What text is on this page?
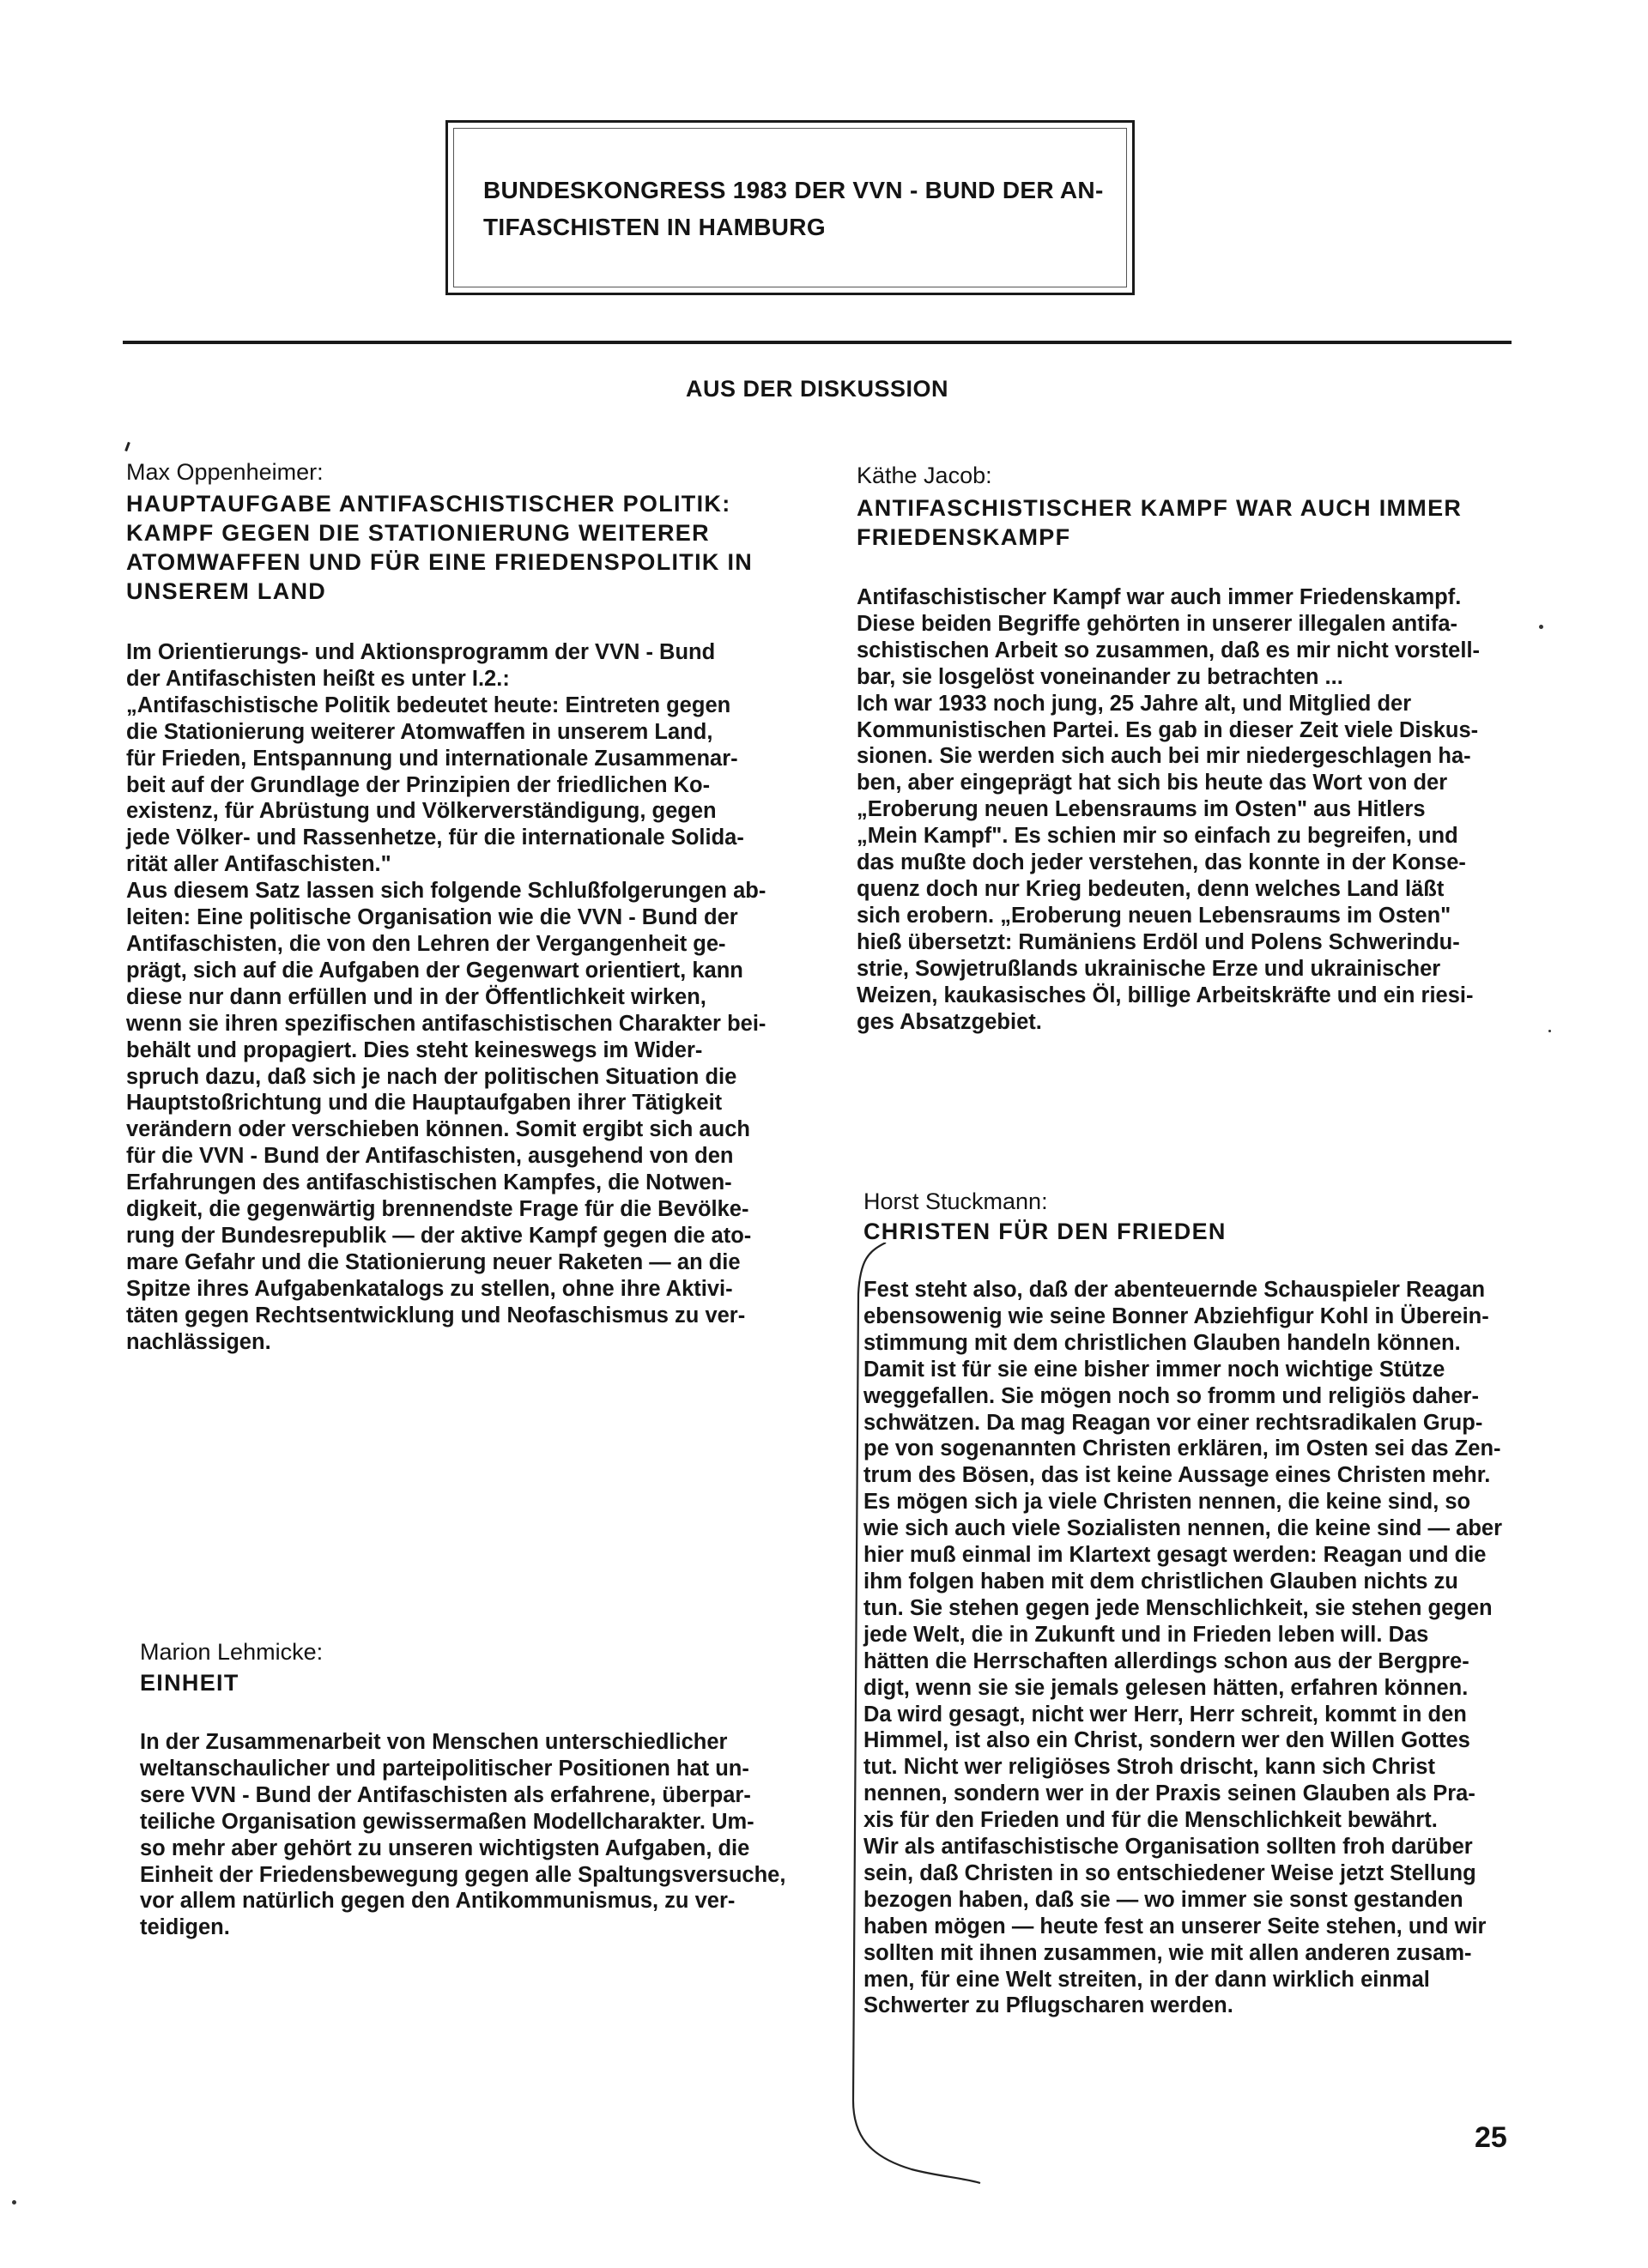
BUNDESKONGRESS 1983 DER VVN - BUND DER AN-
TIFASCHISTEN IN HAMBURG
AUS DER DISKUSSION
Max Oppenheimer:
HAUPTAUFGABE ANTIFASCHISTISCHER POLITIK:
KAMPF GEGEN DIE STATIONIERUNG WEITERER
ATOMWAFFEN UND FÜR EINE FRIEDENSPOLITIK IN
UNSEREM LAND
Im Orientierungs- und Aktionsprogramm der VVN - Bund
der Antifaschisten heißt es unter I.2.:
„Antifaschistische Politik bedeutet heute: Eintreten gegen
die Stationierung weiterer Atomwaffen in unserem Land,
für Frieden, Entspannung und internationale Zusammenar-
beit auf der Grundlage der Prinzipien der friedlichen Ko-
existenz, für Abrüstung und Völkerverständigung, gegen
jede Völker- und Rassenhetze, für die internationale Solida-
rität aller Antifaschisten."
Aus diesem Satz lassen sich folgende Schlußfolgerungen ab-
leiten: Eine politische Organisation wie die VVN - Bund der
Antifaschisten, die von den Lehren der Vergangenheit ge-
prägt, sich auf die Aufgaben der Gegenwart orientiert, kann
diese nur dann erfüllen und in der Öffentlichkeit wirken,
wenn sie ihren spezifischen antifaschistischen Charakter bei-
behält und propagiert. Dies steht keineswegs im Wider-
spruch dazu, daß sich je nach der politischen Situation die
Hauptstoßrichtung und die Hauptaufgaben ihrer Tätigkeit
verändern oder verschieben können. Somit ergibt sich auch
für die VVN - Bund der Antifaschisten, ausgehend von den
Erfahrungen des antifaschistischen Kampfes, die Notwen-
digkeit, die gegenwärtig brennendste Frage für die Bevölke-
rung der Bundesrepublik — der aktive Kampf gegen die ato-
mare Gefahr und die Stationierung neuer Raketen — an die
Spitze ihres Aufgabenkatalogs zu stellen, ohne ihre Aktivi-
täten gegen Rechtsentwicklung und Neofaschismus zu ver-
nachlässigen.
Marion Lehmicke:
EINHEIT
In der Zusammenarbeit von Menschen unterschiedlicher
weltanschaulicher und parteipolitischer Positionen hat un-
sere VVN - Bund der Antifaschisten als erfahrene, überpar-
teiliche Organisation gewissermaßen Modellcharakter. Um-
so mehr aber gehört zu unseren wichtigsten Aufgaben, die
Einheit der Friedensbewegung gegen alle Spaltungsversuche,
vor allem natürlich gegen den Antikommunismus, zu ver-
teidigen.
Käthe Jacob:
ANTIFASCHISTISCHER KAMPF WAR AUCH IMMER
FRIEDENSKAMPF
Antifaschistischer Kampf war auch immer Friedenskampf.
Diese beiden Begriffe gehörten in unserer illegalen antifa-
schistischen Arbeit so zusammen, daß es mir nicht vorstell-
bar, sie losgelöst voneinander zu betrachten ...
Ich war 1933 noch jung, 25 Jahre alt, und Mitglied der
Kommunistischen Partei. Es gab in dieser Zeit viele Diskus-
sionen. Sie werden sich auch bei mir niedergeschlagen ha-
ben, aber eingeprägt hat sich bis heute das Wort von der
„Eroberung neuen Lebensraums im Osten" aus Hitlers
„Mein Kampf". Es schien mir so einfach zu begreifen, und
das mußte doch jeder verstehen, das konnte in der Konse-
quenz doch nur Krieg bedeuten, denn welches Land läßt
sich erobern. „Eroberung neuen Lebensraums im Osten"
hieß übersetzt: Rumäniens Erdöl und Polens Schwerindu-
strie, Sowjetrußlands ukrainische Erze und ukrainischer
Weizen, kaukasisches Öl, billige Arbeitskräfte und ein riesi-
ges Absatzgebiet.
Horst Stuckmann:
CHRISTEN FÜR DEN FRIEDEN
Fest steht also, daß der abenteuernde Schauspieler Reagan
ebensowenig wie seine Bonner Abziehfigur Kohl in Überein-
stimmung mit dem christlichen Glauben handeln können.
Damit ist für sie eine bisher immer noch wichtige Stütze
weggefallen. Sie mögen noch so fromm und religiös daher-
schwätzen. Da mag Reagan vor einer rechtsradikalen Grup-
pe von sogenannten Christen erklären, im Osten sei das Zen-
trum des Bösen, das ist keine Aussage eines Christen mehr.
Es mögen sich ja viele Christen nennen, die keine sind, so
wie sich auch viele Sozialisten nennen, die keine sind — aber
hier muß einmal im Klartext gesagt werden: Reagan und die
ihm folgen haben mit dem christlichen Glauben nichts zu
tun. Sie stehen gegen jede Menschlichkeit, sie stehen gegen
jede Welt, die in Zukunft und in Frieden leben will. Das
hätten die Herrschaften allerdings schon aus der Bergpre-
digt, wenn sie sie jemals gelesen hätten, erfahren können.
Da wird gesagt, nicht wer Herr, Herr schreit, kommt in den
Himmel, ist also ein Christ, sondern wer den Willen Gottes
tut. Nicht wer religiöses Stroh drischt, kann sich Christ
nennen, sondern wer in der Praxis seinen Glauben als Pra-
xis für den Frieden und für die Menschlichkeit bewährt.
Wir als antifaschistische Organisation sollten froh darüber
sein, daß Christen in so entschiedener Weise jetzt Stellung
bezogen haben, daß sie — wo immer sie sonst gestanden
haben mögen — heute fest an unserer Seite stehen, und wir
sollten mit ihnen zusammen, wie mit allen anderen zusam-
men, für eine Welt streiten, in der dann wirklich einmal
Schwerter zu Pflugscharen werden.
25
